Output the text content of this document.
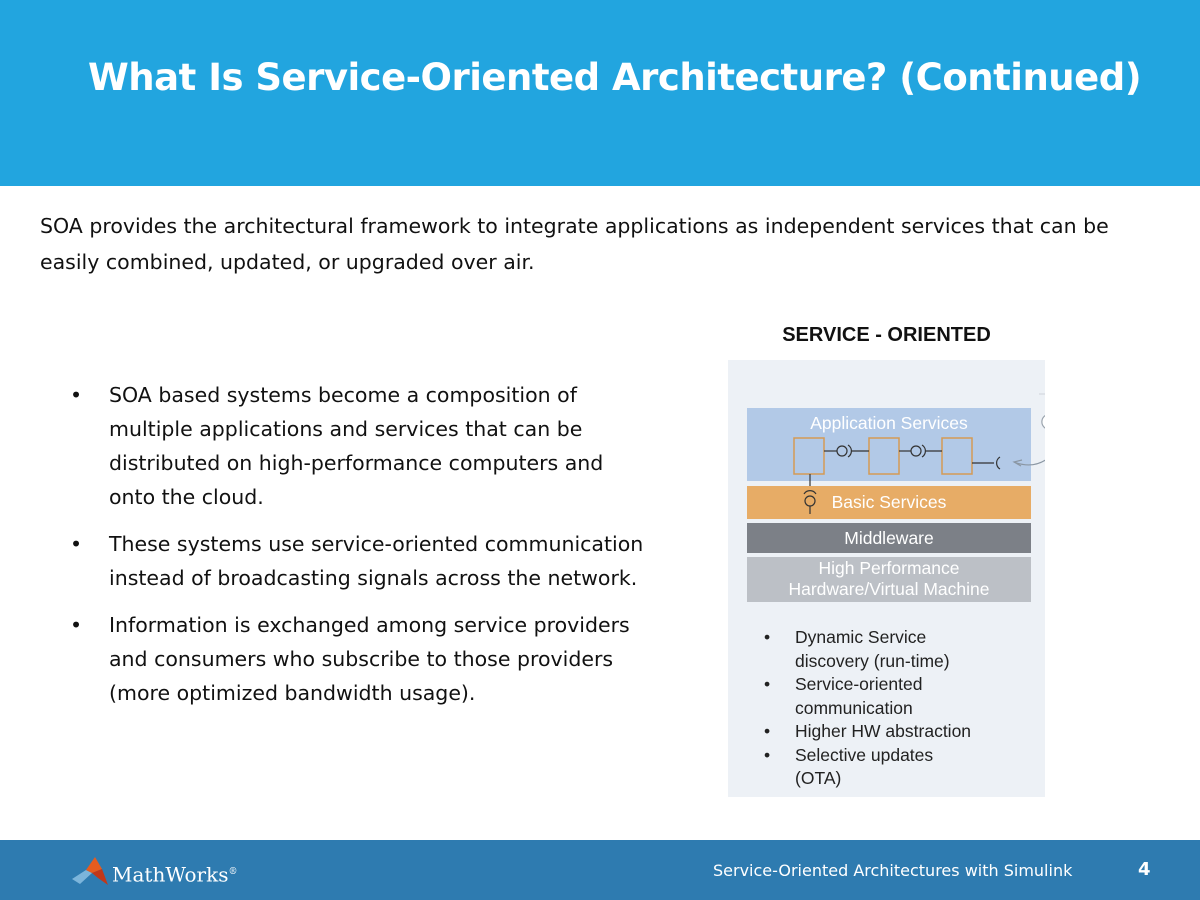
What Is Service-Oriented Architecture? (Continued)
SOA provides the architectural framework to integrate applications as independent services that can be easily combined, updated, or upgraded over air.
• SOA based systems become a composition of multiple applications and services that can be distributed on high-performance computers and onto the cloud.
• These systems use service-oriented communication instead of broadcasting signals across the network.
• Information is exchanged among service providers and consumers who subscribe to those providers (more optimized bandwidth usage).
SERVICE - ORIENTED
Application Services
Basic Services
Middleware
High Performance
Hardware/Virtual Machine
• Dynamic Service
discovery (run-time)
• Service-oriented
communication
• Higher HW abstraction
• Selective updates
(OTA)
MathWorks®	Service-Oriented Architectures with Simulink	4
